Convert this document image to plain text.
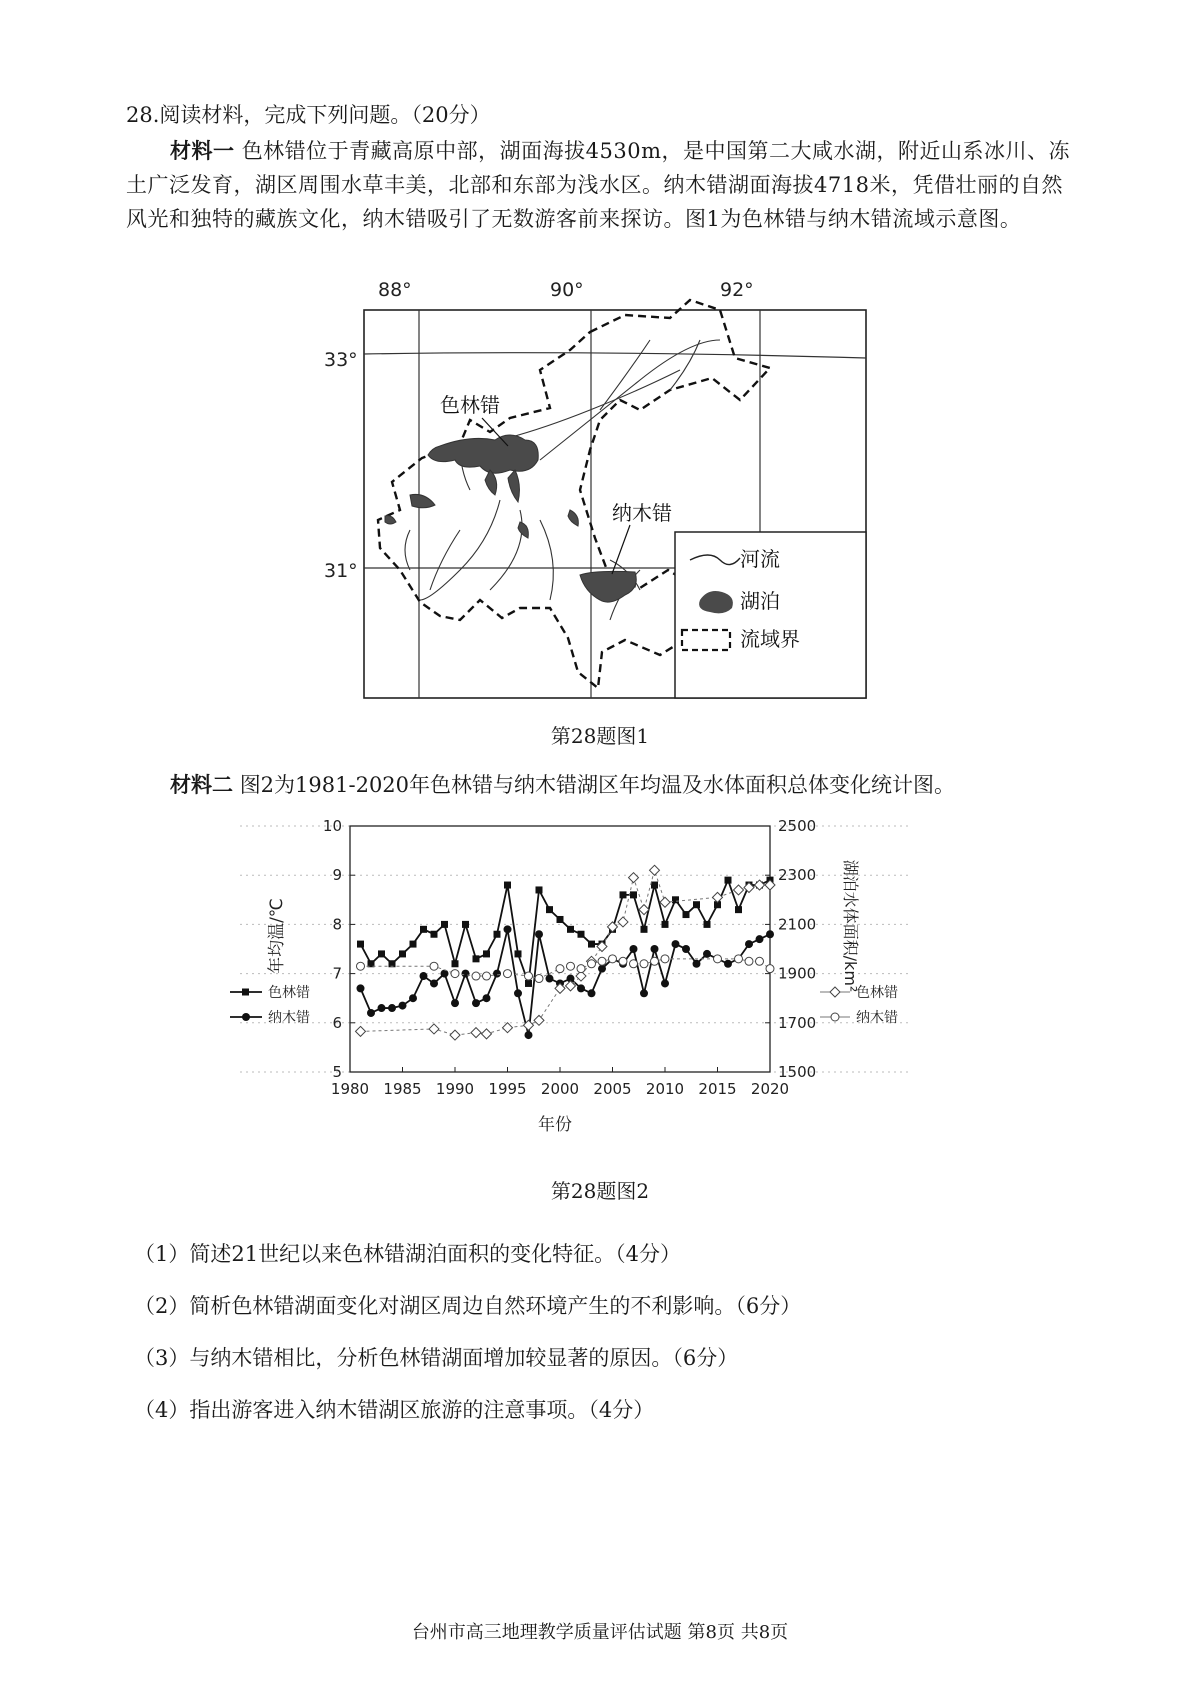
28.阅读材料，完成下列问题。（20分）
材料一 色林错位于青藏高原中部，湖面海拔4530m，是中国第二大咸水湖，附近山系冰川、冻土广泛发育，湖区周围水草丰美，北部和东部为浅水区。纳木错湖面海拔4718米，凭借壮丽的自然风光和独特的藏族文化，纳木错吸引了无数游客前来探访。图1为色林错与纳木错流域示意图。
88°	90°	92°
33°
31°
色林错
纳木错
河流
湖泊
流域界
第28题图1
材料二 图2为1981-2020年色林错与纳木错湖区年均温及水体面积总体变化统计图。
1980 1985 1990 1995 2000 2005 2010 2015 2020
5
6
7
8
9
10
1500
1700
1900
2100
2300
2500
年份
年均温/℃	湖泊水体面积/km²
色林错
纳木错
色林错
纳木错
第28题图2
（1）简述21世纪以来色林错湖泊面积的变化特征。（4分）
（2）简析色林错湖面变化对湖区周边自然环境产生的不利影响。（6分）
（3）与纳木错相比，分析色林错湖面增加较显著的原因。（6分）
（4）指出游客进入纳木错湖区旅游的注意事项。（4分）
台州市高三地理教学质量评估试题 第8页 共8页
